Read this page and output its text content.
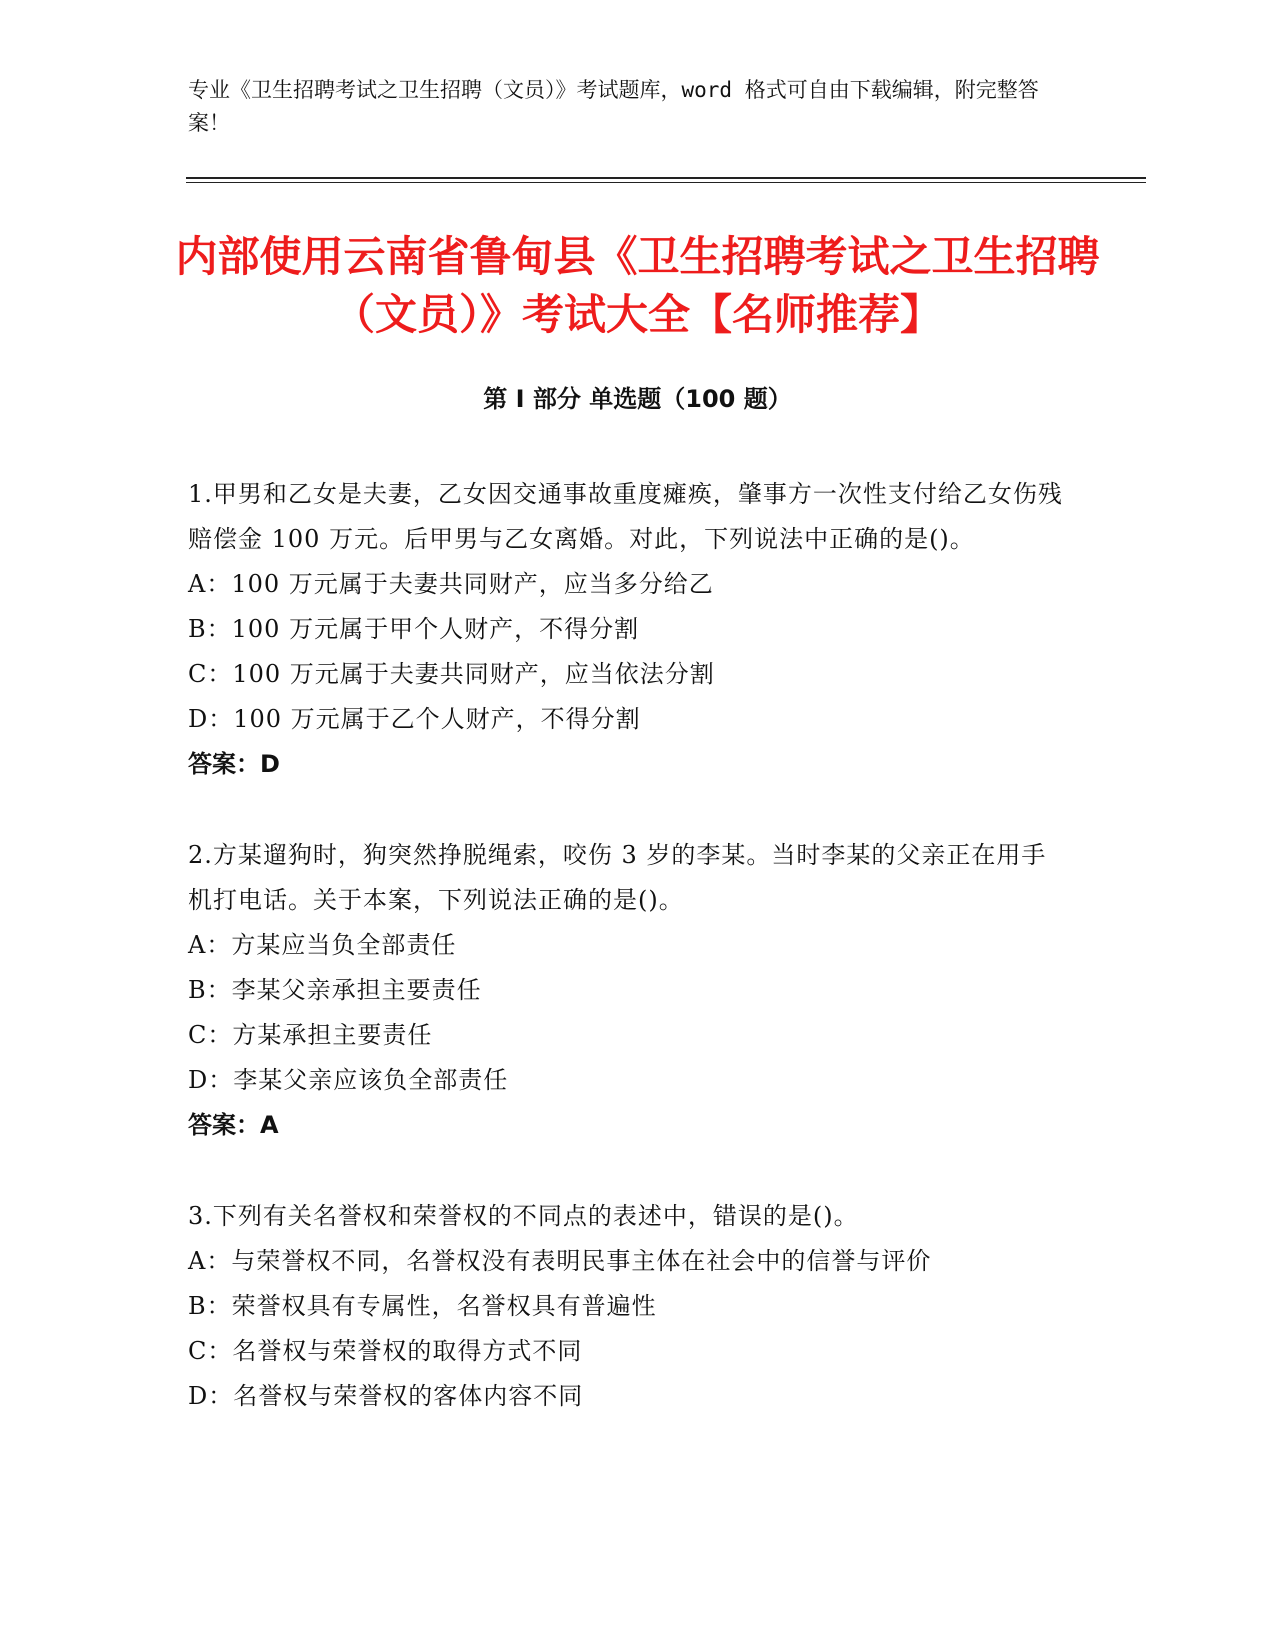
专业《卫生招聘考试之卫生招聘（文员）》考试题库，word 格式可自由下载编辑，附完整答案！
内部使用云南省鲁甸县《卫生招聘考试之卫生招聘（文员）》考试大全【名师推荐】
第 I 部分 单选题（100 题）
1.甲男和乙女是夫妻，乙女因交通事故重度瘫痪，肇事方一次性支付给乙女伤残赔偿金 100 万元。后甲男与乙女离婚。对此，下列说法中正确的是()。
A：100 万元属于夫妻共同财产，应当多分给乙
B：100 万元属于甲个人财产，不得分割
C：100 万元属于夫妻共同财产，应当依法分割
D：100 万元属于乙个人财产，不得分割
答案：D
2.方某遛狗时，狗突然挣脱绳索，咬伤 3 岁的李某。当时李某的父亲正在用手机打电话。关于本案，下列说法正确的是()。
A：方某应当负全部责任
B：李某父亲承担主要责任
C：方某承担主要责任
D：李某父亲应该负全部责任
答案：A
3.下列有关名誉权和荣誉权的不同点的表述中，错误的是()。
A：与荣誉权不同，名誉权没有表明民事主体在社会中的信誉与评价
B：荣誉权具有专属性，名誉权具有普遍性
C：名誉权与荣誉权的取得方式不同
D：名誉权与荣誉权的客体内容不同
